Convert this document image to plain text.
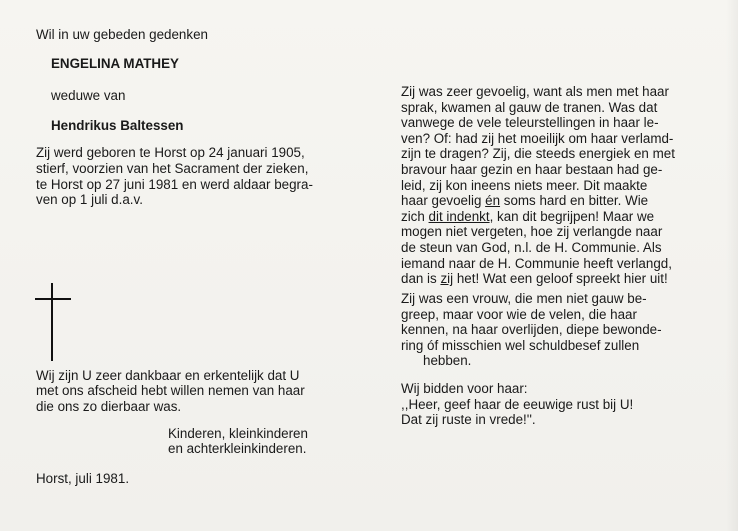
Wil in uw gebeden gedenken
ENGELINA MATHEY
weduwe van
Hendrikus Baltessen
Zij werd geboren te Horst op 24 januari 1905,
stierf, voorzien van het Sacrament der zieken,
te Horst op 27 juni 1981 en werd aldaar begra-
ven op 1 juli d.a.v.
Wij zijn U zeer dankbaar en erkentelijk dat U
met ons afscheid hebt willen nemen van haar
die ons zo dierbaar was.
Kinderen, kleinkinderen
en achterkleinkinderen.
Horst, juli 1981.
Zij was zeer gevoelig, want als men met haar
sprak, kwamen al gauw de tranen. Was dat
vanwege de vele teleurstellingen in haar le-
ven? Of: had zij het moeilijk om haar verlamd-
zijn te dragen? Zij, die steeds energiek en met
bravour haar gezin en haar bestaan had ge-
leid, zij kon ineens niets meer. Dit maakte
haar gevoelig én soms hard en bitter. Wie
zich dit indenkt, kan dit begrijpen! Maar we
mogen niet vergeten, hoe zij verlangde naar
de steun van God, n.l. de H. Communie. Als
iemand naar de H. Communie heeft verlangd,
dan is zij het! Wat een geloof spreekt hier uit!
Zij was een vrouw, die men niet gauw be-
greep, maar voor wie de velen, die haar
kennen, na haar overlijden, diepe bewonde-
ring óf misschien wel schuldbesef zullen
hebben.
Wij bidden voor haar:
,,Heer, geef haar de eeuwige rust bij U!
Dat zij ruste in vrede!''.
